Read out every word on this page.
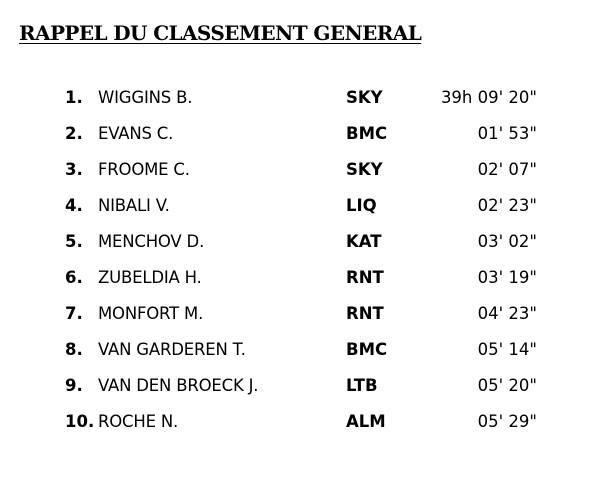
RAPPEL DU CLASSEMENT GENERAL
1. WIGGINS B.	SKY	39h 09' 20"
2. EVANS C.	BMC	01' 53"
3. FROOME C.	SKY	02' 07"
4. NIBALI V.	LIQ	02' 23"
5. MENCHOV D.	KAT	03' 02"
6. ZUBELDIA H.	RNT	03' 19"
7. MONFORT M.	RNT	04' 23"
8. VAN GARDEREN T.	BMC	05' 14"
9. VAN DEN BROECK J.	LTB	05' 20"
10. ROCHE N.	ALM	05' 29"
